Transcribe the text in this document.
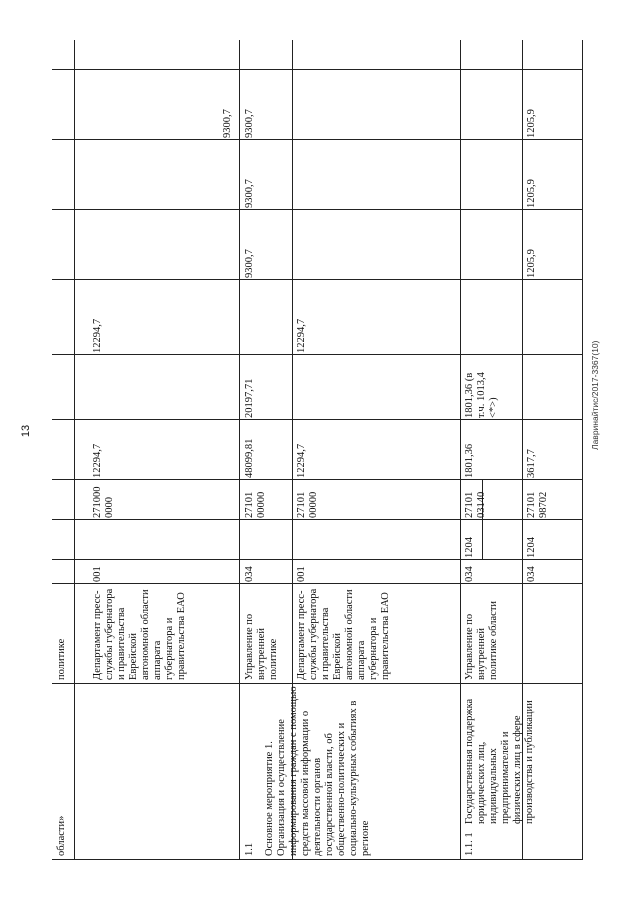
13	Лавринайтис/2017-3367(10)
области»
политике Департамент пресс-службы губернатора и правительства Еврейской автономной области аппарата губернатора и правительства ЕАО
001
271000 0000
12294,7
12294,7
9300,7
1.1 Основное мероприятие 1. Организация и осуществление информирования граждан с помощью средств массовой информации о деятельности органов государственной власти, об общественно-политических и социально-культурных событиях в регионе
Управление по внутренней политике
034
27101 00000
48099,81
20197,71
9300,7
9300,7
9300,7
Департамент пресс-службы губернатора и правительства Еврейской автономной области аппарата губернатора и правительства ЕАО
001
27101 00000
12294,7
12294,7
1.1. 1
Государственная поддержка юридических лиц, индивидуальных предпринимателей и физических лиц в сфере производства и публикации
Управление по внутренней политике области
034
1204
27101 03140
1801,36
1801,36 (в т.ч. 1013,4 <*>)
034
1204
27101 98702
3617,7
1205,9
1205,9
1205,9
